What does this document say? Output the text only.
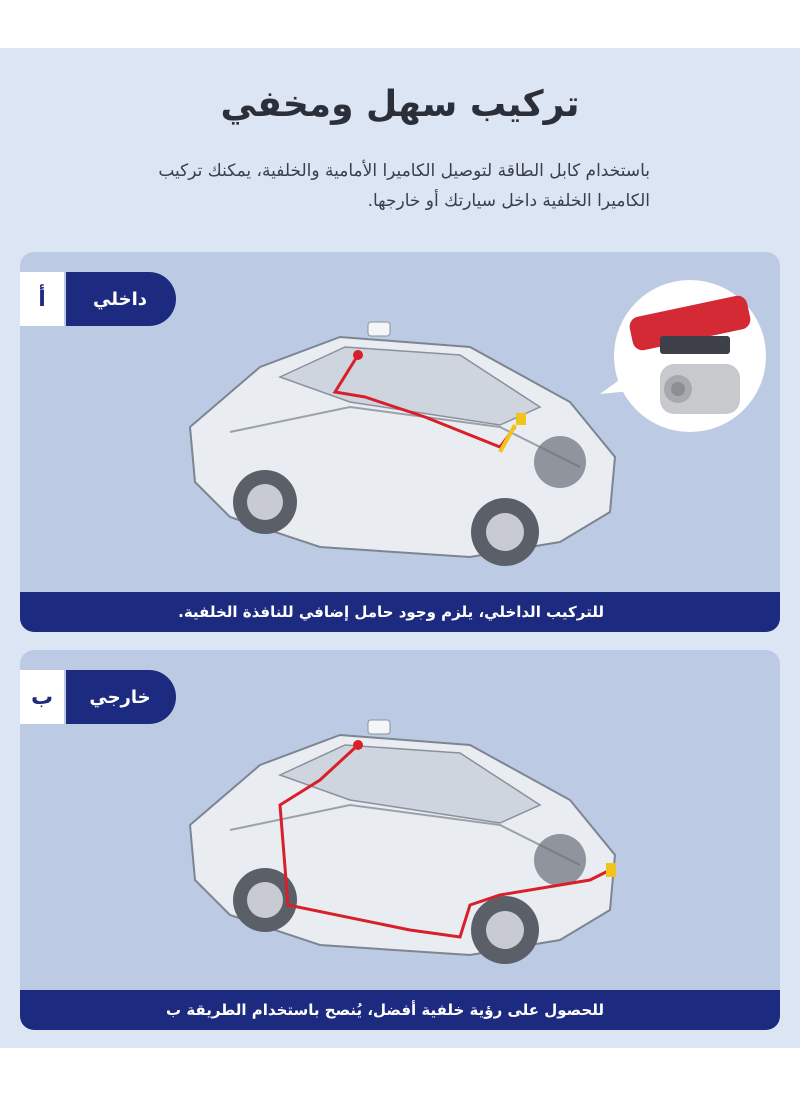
تركيب سهل ومخفي

باستخدام كابل الطاقة لتوصيل الكاميرا الأمامية والخلفية، يمكنك تركيب الكاميرا الخلفية داخل سيارتك أو خارجها.

أ	داخلي
للتركيب الداخلي، يلزم وجود حامل إضافي للنافذة الخلفية.
ب	خارجي
للحصول على رؤية خلفية أفضل، يُنصح باستخدام الطريقة ب
